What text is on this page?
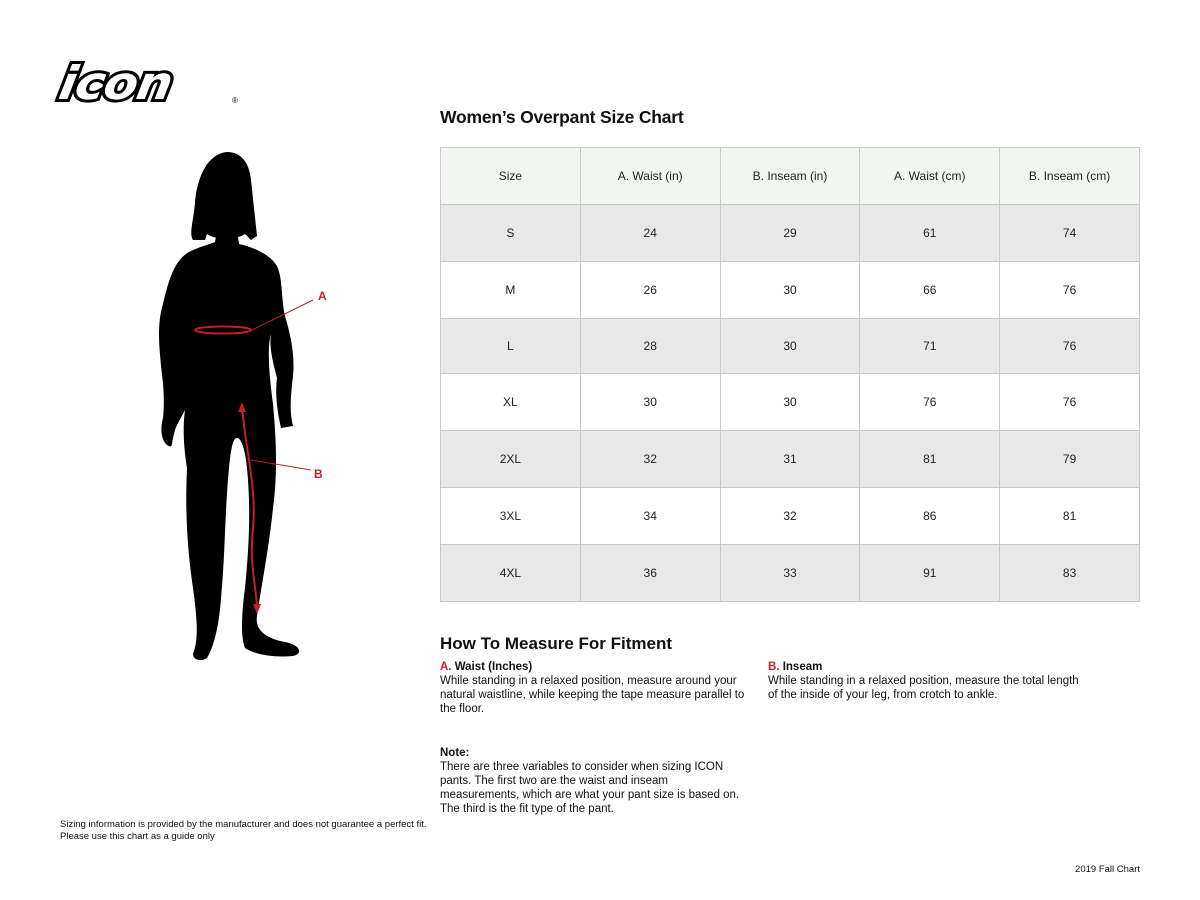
icon	®
A
B
Women’s Overpant Size Chart
Size	A. Waist (in)	B. Inseam (in)	A. Waist (cm)	B. Inseam (cm)
S	24	29	61	74
M	26	30	66	76
L	28	30	71	76
XL	30	30	76	76
2XL	32	31	81	79
3XL	34	32	86	81
4XL	36	33	91	83
How To Measure For Fitment
A. Waist (Inches)
While standing in a relaxed position, measure around your natural waistline, while keeping the tape measure parallel to the floor.
B. Inseam
While standing in a relaxed position, measure the total length of the inside of your leg, from crotch to ankle.
Note:
There are three variables to consider when sizing ICON pants. The first two are the waist and inseam measurements, which are what your pant size is based on. The third is the fit type of the pant.
Sizing information is provided by the manufacturer and does not guarantee a perfect fit.
Please use this chart as a guide only
2019 Fall Chart
